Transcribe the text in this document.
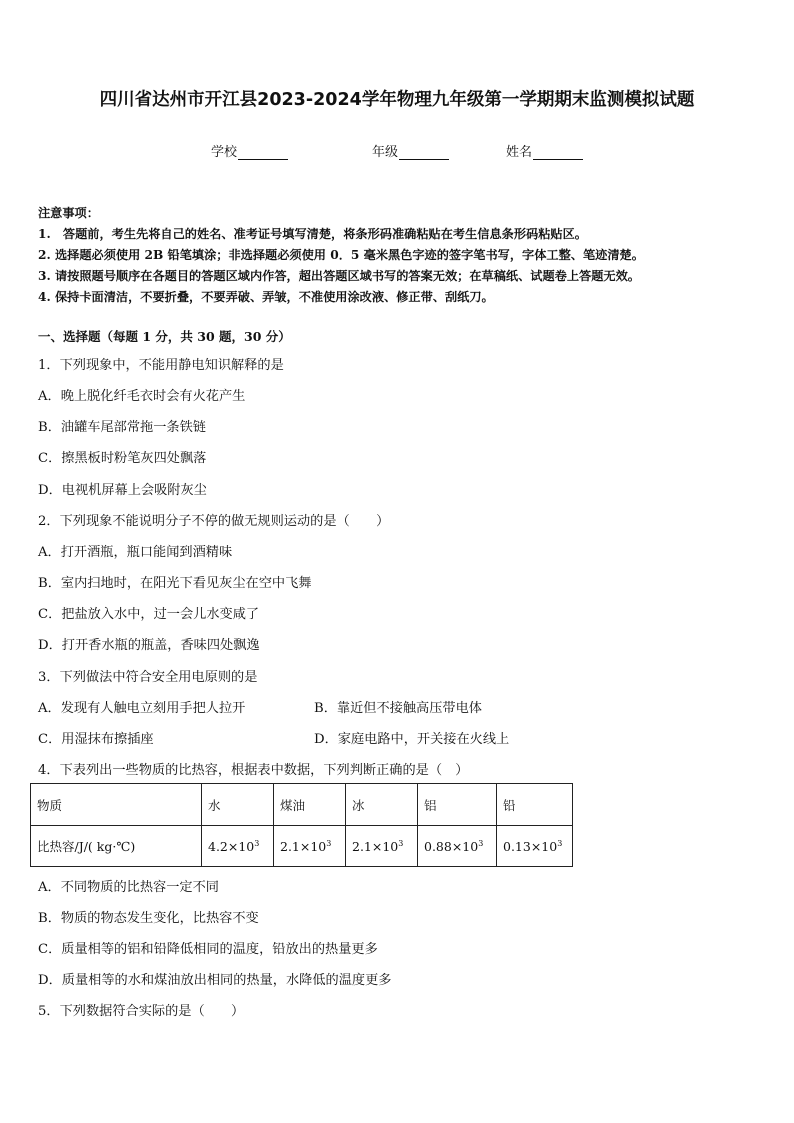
四川省达州市开江县2023-2024学年物理九年级第一学期期末监测模拟试题
学校	年级	姓名
注意事项：
1.　答题前，考生先将自己的姓名、准考证号填写清楚，将条形码准确粘贴在考生信息条形码粘贴区。
2. 选择题必须使用 2B 铅笔填涂；非选择题必须使用 0．5 毫米黑色字迹的签字笔书写，字体工整、笔迹清楚。
3. 请按照题号顺序在各题目的答题区域内作答，超出答题区域书写的答案无效；在草稿纸、试题卷上答题无效。
4. 保持卡面清洁，不要折叠，不要弄破、弄皱，不准使用涂改液、修正带、刮纸刀。
一、选择题（每题 1 分，共 30 题，30 分）
1．下列现象中，不能用静电知识解释的是
A．晚上脱化纤毛衣时会有火花产生
B．油罐车尾部常拖一条铁链
C．擦黑板时粉笔灰四处飘落
D．电视机屏幕上会吸附灰尘
2．下列现象不能说明分子不停的做无规则运动的是（　　）
A．打开酒瓶，瓶口能闻到酒精味
B．室内扫地时，在阳光下看见灰尘在空中飞舞
C．把盐放入水中，过一会儿水变咸了
D．打开香水瓶的瓶盖，香味四处飘逸
3．下列做法中符合安全用电原则的是
A．发现有人触电立刻用手把人拉开	B．靠近但不接触高压带电体
C．用湿抹布擦插座	D．家庭电路中，开关接在火线上
4．下表列出一些物质的比热容，根据表中数据，下列判断正确的是（　）
物质	水	煤油	冰	铝	铅
比热容/J/( kg·℃)	$4.2\times 10^3$	$2.1\times 10^3$	$2.1\times 10^3$	$0.88\times 10^3$	$0.13\times 10^3$
A．不同物质的比热容一定不同
B．物质的物态发生变化，比热容不变
C．质量相等的铝和铅降低相同的温度，铅放出的热量更多
D．质量相等的水和煤油放出相同的热量，水降低的温度更多
5．下列数据符合实际的是（　　）
